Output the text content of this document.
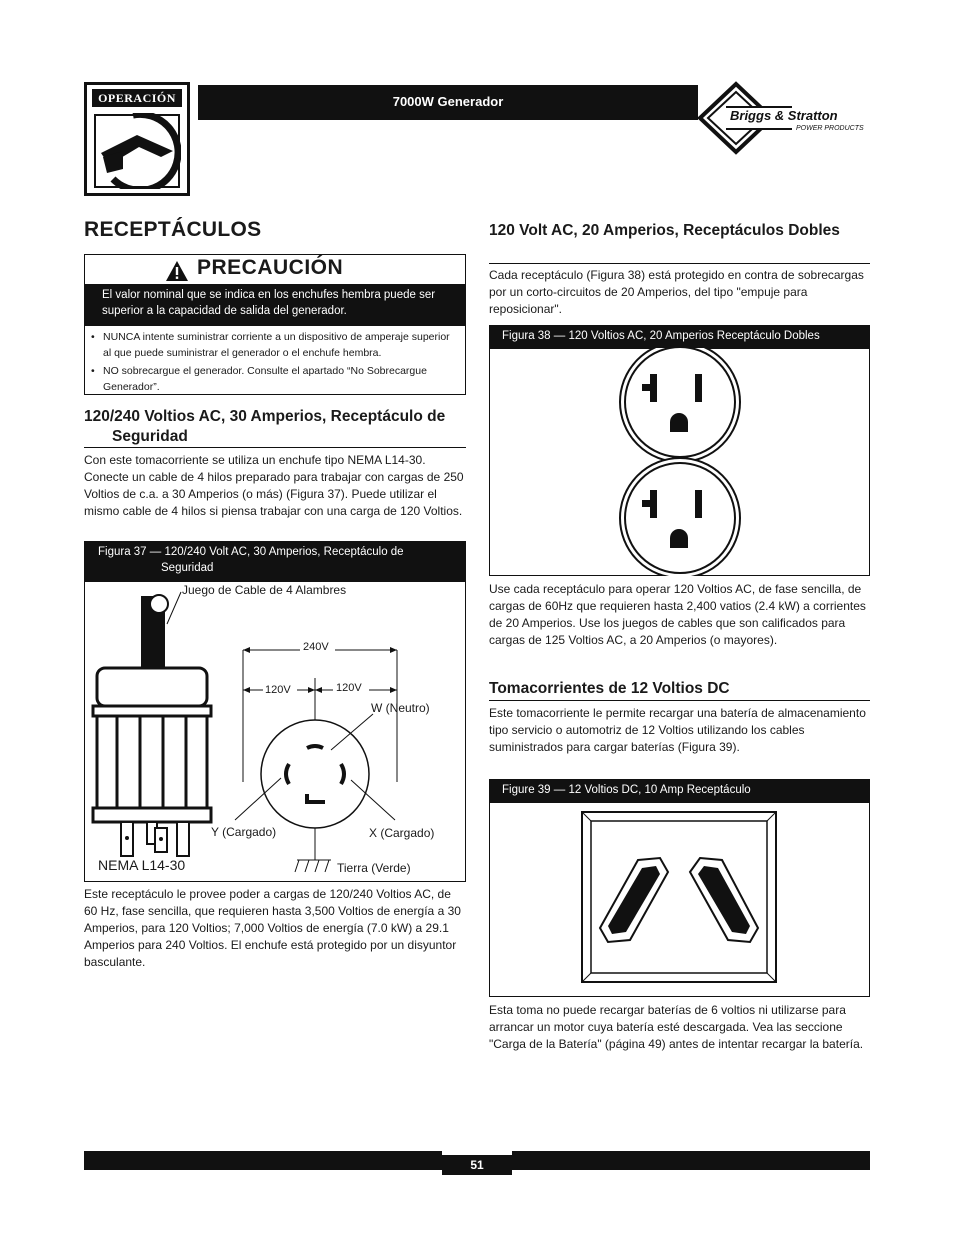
OPERACIÓN	7000W Generador
Briggs & Stratton
POWER PRODUCTS
RECEPTÁCULOS
PRECAUCIÓN
El valor nominal que se indica en los enchufes hembra puede ser superior a la capacidad de salida del generador.
• NUNCA intente suministrar corriente a un dispositivo de amperaje superior al que puede suministrar el generador o el enchufe hembra.
• NO sobrecargue el generador. Consulte el apartado “No Sobrecargue Generador”.
120/240 Voltios AC, 30 Amperios, Receptáculo de Seguridad

Con este tomacorriente se utiliza un enchufe tipo NEMA L14-30. Conecte un cable de 4 hilos preparado para trabajar con cargas de 250 Voltios de c.a. a 30 Amperios (o más) (Figura 37). Puede utilizar el mismo cable de 4 hilos si piensa trabajar con una carga de 120 Voltios.

Figura 37 — 120/240 Volt AC, 30 Amperios, Receptáculo de Seguridad
Juego de Cable de 4 Alambres
240V
120V	120V
W (Neutro)
Y (Cargado)	X (Cargado)
NEMA L14-30	Tierra (Verde)

Este receptáculo le provee poder a cargas de 120/240 Voltios AC, de 60 Hz, fase sencilla, que requieren hasta 3,500 Voltios de energía a 30 Amperios, para 120 Voltios; 7,000 Voltios de energía (7.0 kW) a 29.1 Amperios para 240 Voltios. El enchufe está protegido por un disyuntor basculante.

120 Volt AC, 20 Amperios, Receptáculos Dobles

Cada receptáculo (Figura 38) está protegido en contra de sobrecargas por un corto-circuitos de 20 Amperios, del tipo "empuje para reposicionar".

Figura 38 — 120 Voltios AC, 20 Amperios Receptáculo Dobles

Use cada receptáculo para operar 120 Voltios AC, de fase sencilla, de cargas de 60Hz que requieren hasta 2,400 vatios (2.4 kW) a corrientes de 20 Amperios. Use los juegos de cables que son calificados para cargas de 125 Voltios AC, a 20 Amperios (o mayores).

Tomacorrientes de 12 Voltios DC

Este tomacorriente le permite recargar una batería de almacenamiento tipo servicio o automotriz de 12 Voltios utilizando los cables suministrados para cargar baterías (Figura 39).

Figure 39 — 12 Voltios DC, 10 Amp Receptáculo

Esta toma no puede recargar baterías de 6 voltios ni utilizarse para arrancar un motor cuya batería esté descargada. Vea las seccione "Carga de la Batería" (página 49) antes de intentar recargar la batería.

51
